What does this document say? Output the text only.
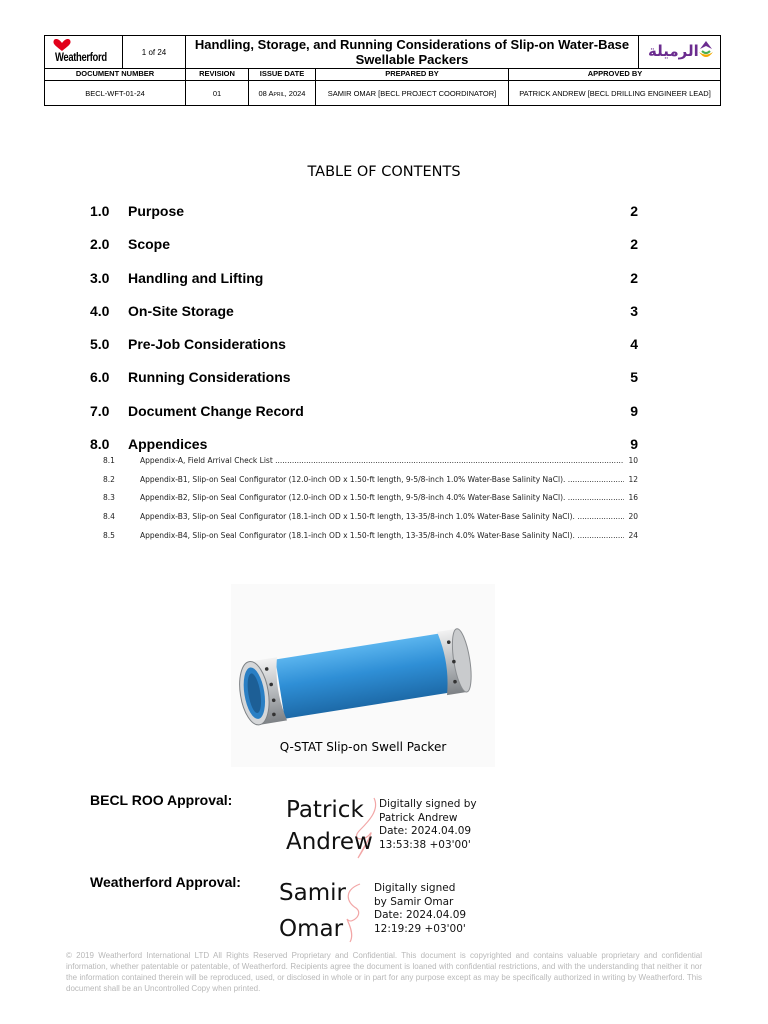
Weatherford	1 of 24	Handling, Storage, and Running Considerations of Slip-on Water-Base Swellable Packers	الرميلة
DOCUMENT NUMBER	REVISION	ISSUE DATE	PREPARED BY	APPROVED BY
BECL-WFT-01-24	01	08 April, 2024	SAMIR OMAR [BECL PROJECT COORDINATOR]	PATRICK ANDREW [BECL DRILLING ENGINEER LEAD]
TABLE OF CONTENTS
1.0 Purpose	2
2.0 Scope	2
3.0 Handling and Lifting	2
4.0 On-Site Storage	3
5.0 Pre-Job Considerations	4
6.0 Running Considerations	5
7.0 Document Change Record	9
8.0 Appendices	9
8.1	Appendix-A, Field Arrival Check List .....	10
8.2	Appendix-B1, Slip-on Seal Configurator (12.0-inch OD x 1.50-ft length, 9-5/8-inch 1.0% Water-Base Salinity NaCl). .....	12
8.3	Appendix-B2, Slip-on Seal Configurator (12.0-inch OD x 1.50-ft length, 9-5/8-inch 4.0% Water-Base Salinity NaCl). .....	16
8.4	Appendix-B3, Slip-on Seal Configurator (18.1-inch OD x 1.50-ft length, 13-35/8-inch 1.0% Water-Base Salinity NaCl). .....	20
8.5	Appendix-B4, Slip-on Seal Configurator (18.1-inch OD x 1.50-ft length, 13-35/8-inch 4.0% Water-Base Salinity NaCl). .....	24
Q-STAT Slip-on Swell Packer
BECL ROO Approval: Patrick
Andrew
Digitally signed by
Patrick Andrew
Date: 2024.04.09
13:53:38 +03'00'
Weatherford Approval: Samir
Omar
Digitally signed
by Samir Omar
Date: 2024.04.09
12:19:29 +03'00'
© 2019 Weatherford International LTD All Rights Reserved Proprietary and Confidential. This document is copyrighted and contains valuable proprietary and confidential information, whether patentable or patentable, of Weatherford. Recipients agree the document is loaned with confidential restrictions, and with the understanding that neither it nor the information contained therein will be reproduced, used, or disclosed in whole or in part for any purpose except as may be specifically authorized in writing by Weatherford. This document shall be an Uncontrolled Copy when printed.
